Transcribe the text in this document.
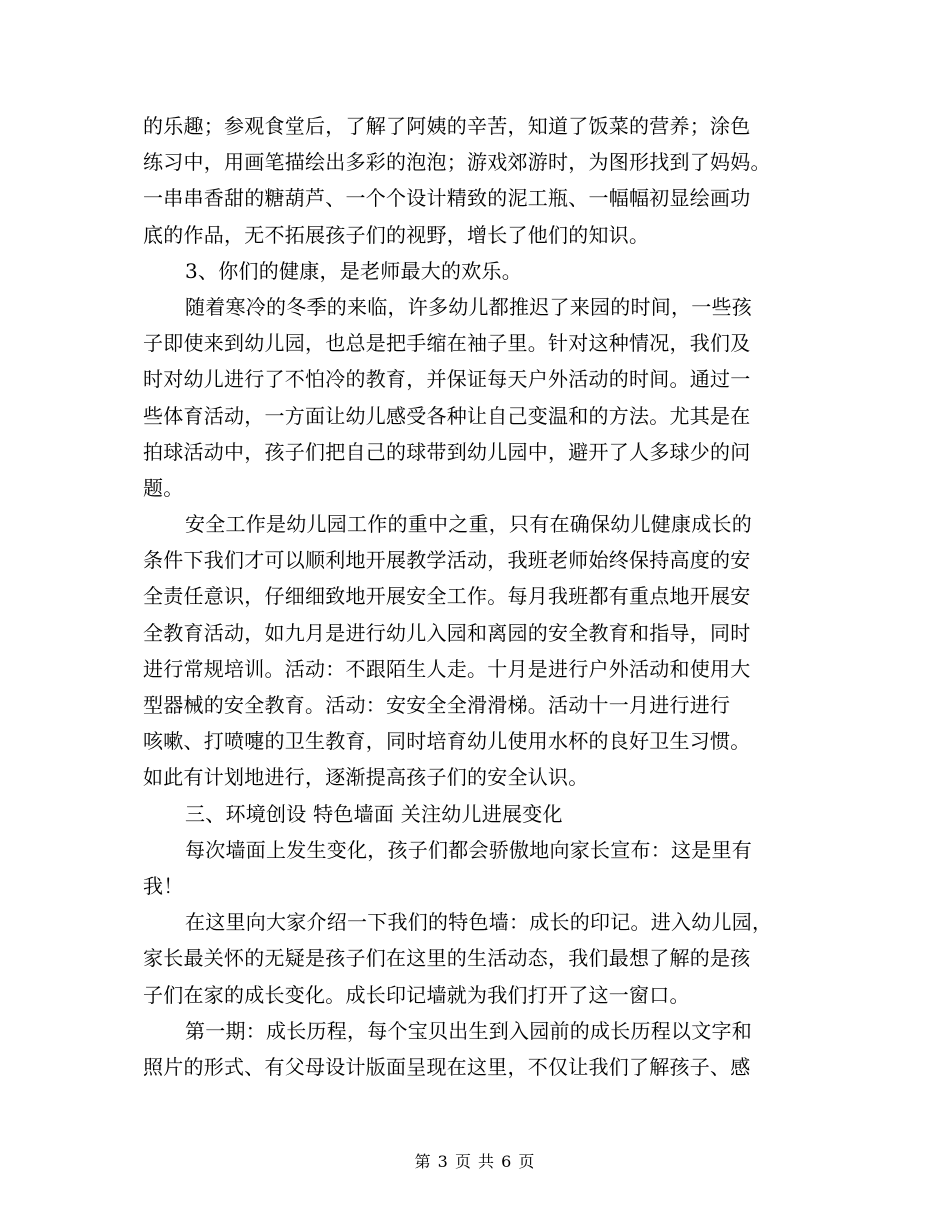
的乐趣；参观食堂后，了解了阿姨的辛苦，知道了饭菜的营养；涂色
练习中，用画笔描绘出多彩的泡泡；游戏郊游时，为图形找到了妈妈。
一串串香甜的糖葫芦、一个个设计精致的泥工瓶、一幅幅初显绘画功
底的作品，无不拓展孩子们的视野，增长了他们的知识。
3、你们的健康，是老师最大的欢乐。
随着寒冷的冬季的来临，许多幼儿都推迟了来园的时间，一些孩
子即使来到幼儿园，也总是把手缩在袖子里。针对这种情况，我们及
时对幼儿进行了不怕冷的教育，并保证每天户外活动的时间。通过一
些体育活动，一方面让幼儿感受各种让自己变温和的方法。尤其是在
拍球活动中，孩子们把自己的球带到幼儿园中，避开了人多球少的问
题。
安全工作是幼儿园工作的重中之重，只有在确保幼儿健康成长的
条件下我们才可以顺利地开展教学活动，我班老师始终保持高度的安
全责任意识，仔细细致地开展安全工作。每月我班都有重点地开展安
全教育活动，如九月是进行幼儿入园和离园的安全教育和指导，同时
进行常规培训。活动：不跟陌生人走。十月是进行户外活动和使用大
型器械的安全教育。活动：安安全全滑滑梯。活动十一月进行进行
咳嗽、打喷嚏的卫生教育，同时培育幼儿使用水杯的良好卫生习惯。
如此有计划地进行，逐渐提高孩子们的安全认识。
三、环境创设 特色墙面 关注幼儿进展变化
每次墙面上发生变化，孩子们都会骄傲地向家长宣布：这是里有
我！
在这里向大家介绍一下我们的特色墙：成长的印记。进入幼儿园，
家长最关怀的无疑是孩子们在这里的生活动态，我们最想了解的是孩
子们在家的成长变化。成长印记墙就为我们打开了这一窗口。
第一期：成长历程，每个宝贝出生到入园前的成长历程以文字和
照片的形式、有父母设计版面呈现在这里，不仅让我们了解孩子、感
第 3 页 共 6 页
